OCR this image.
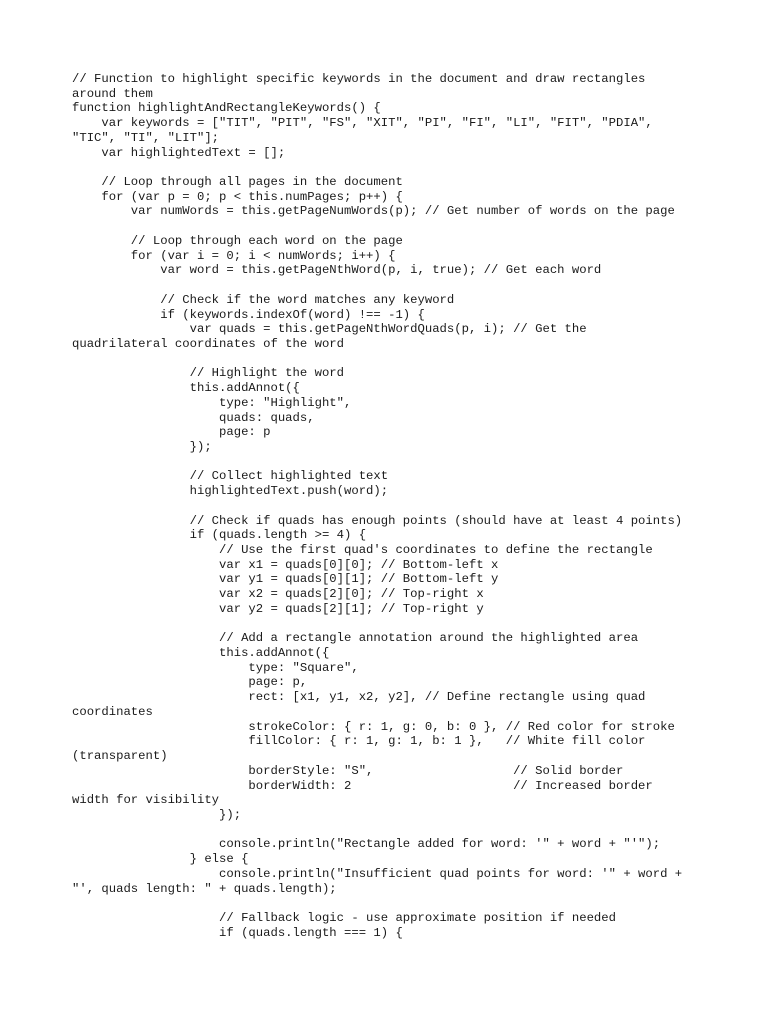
// Function to highlight specific keywords in the document and draw rectangles
around them
function highlightAndRectangleKeywords() {
var keywords = ["TIT", "PIT", "FS", "XIT", "PI", "FI", "LI", "FIT", "PDIA",
"TIC", "TI", "LIT"];
var highlightedText = [];
// Loop through all pages in the document
for (var p = 0; p < this.numPages; p++) {
var numWords = this.getPageNumWords(p); // Get number of words on the page
// Loop through each word on the page
for (var i = 0; i < numWords; i++) {
var word = this.getPageNthWord(p, i, true); // Get each word
// Check if the word matches any keyword
if (keywords.indexOf(word) !== -1) {
var quads = this.getPageNthWordQuads(p, i); // Get the
quadrilateral coordinates of the word
// Highlight the word
this.addAnnot({
type: "Highlight",
quads: quads,
page: p
});
// Collect highlighted text
highlightedText.push(word);
// Check if quads has enough points (should have at least 4 points)
if (quads.length >= 4) {
// Use the first quad's coordinates to define the rectangle
var x1 = quads[0][0]; // Bottom-left x
var y1 = quads[0][1]; // Bottom-left y
var x2 = quads[2][0]; // Top-right x
var y2 = quads[2][1]; // Top-right y
// Add a rectangle annotation around the highlighted area
this.addAnnot({
type: "Square",
page: p,
rect: [x1, y1, x2, y2], // Define rectangle using quad
coordinates
strokeColor: { r: 1, g: 0, b: 0 }, // Red color for stroke
fillColor: { r: 1, g: 1, b: 1 },   // White fill color
(transparent)
borderStyle: "S",                   // Solid border
borderWidth: 2                      // Increased border
width for visibility
});
console.println("Rectangle added for word: '" + word + "'");
} else {
console.println("Insufficient quad points for word: '" + word +
"', quads length: " + quads.length);
// Fallback logic - use approximate position if needed
if (quads.length === 1) {
